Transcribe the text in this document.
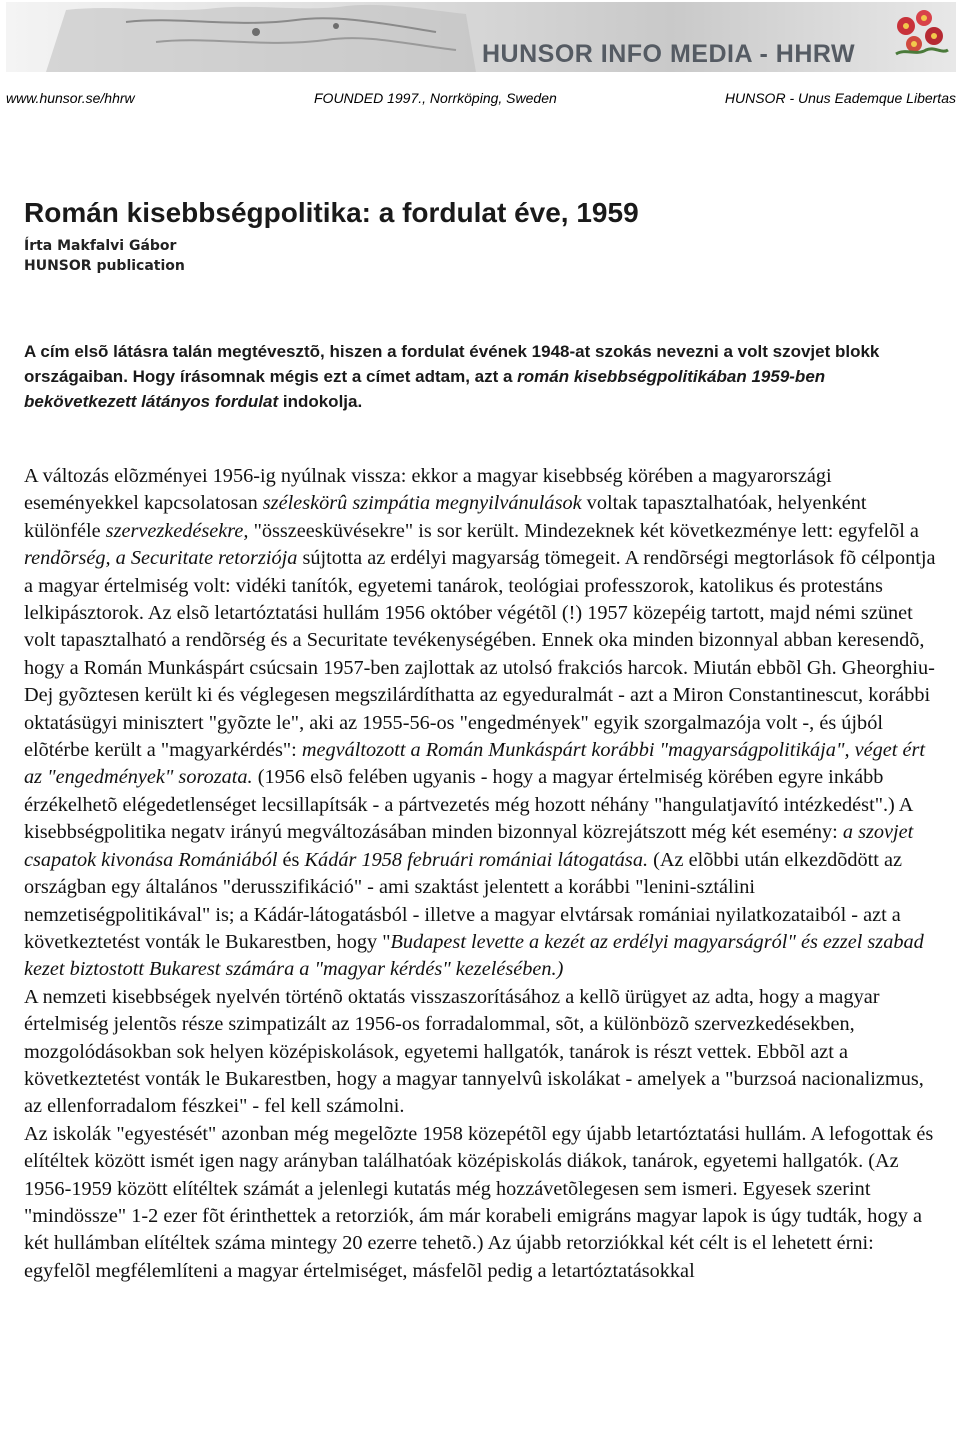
HUNSOR INFO MEDIA - HHRW
www.hunsor.se/hhrw	FOUNDED 1997., Norrköping, Sweden	HUNSOR - Unus Eademque Libertas
Román kisebbségpolitika: a fordulat éve, 1959
Írta Makfalvi Gábor
HUNSOR publication
A cím elsõ látásra talán megtévesztõ, hiszen a fordulat évének 1948-at szokás nevezni a volt szovjet blokk országaiban. Hogy írásomnak mégis ezt a címet adtam, azt a román kisebbségpolitikában 1959-ben bekövetkezett látányos fordulat indokolja.

A változás elõzményei 1956-ig nyúlnak vissza: ekkor a magyar kisebbség körében a magyarországi eseményekkel kapcsolatosan széleskörû szimpátia megnyilvánulások voltak tapasztalhatóak, helyenként különféle szervezkedésekre, "összeesküvésekre" is sor került. Mindezeknek két következménye lett: egyfelõl a rendõrség, a Securitate retorziója sújtotta az erdélyi magyarság tömegeit. A rendõrségi megtorlások fõ célpontja a magyar értelmiség volt: vidéki tanítók, egyetemi tanárok, teológiai professzorok, katolikus és protestáns lelkipásztorok. Az elsõ letartóztatási hullám 1956 október végétõl (!) 1957 közepéig tartott, majd némi szünet volt tapasztalható a rendõrség és a Securitate tevékenységében. Ennek oka minden bizonnyal abban keresendõ, hogy a Román Munkáspárt csúcsain 1957-ben zajlottak az utolsó frakciós harcok. Miután ebbõl Gh. Gheorghiu-Dej gyõztesen került ki és véglegesen megszilárdíthatta az egyeduralmát - azt a Miron Constantinescut, korábbi oktatásügyi minisztert "gyõzte le", aki az 1955-56-os "engedmények" egyik szorgalmazója volt -, és újból elõtérbe került a "magyarkérdés": megváltozott a Román Munkáspárt korábbi "magyarságpolitikája", véget ért az "engedmények" sorozata. (1956 elsõ felében ugyanis - hogy a magyar értelmiség körében egyre inkább érzékelhetõ elégedetlenséget lecsillapítsák - a pártvezetés még hozott néhány "hangulatjavító intézkedést".) A kisebbségpolitika negatv irányú megváltozásában minden bizonnyal közrejátszott még két esemény: a szovjet csapatok kivonása Romániából és Kádár 1958 februári romániai látogatása. (Az elõbbi után elkezdõdött az országban egy általános "derusszifikáció" - ami szaktást jelentett a korábbi "lenini-sztálini nemzetiségpolitikával" is; a Kádár-látogatásból - illetve a magyar elvtársak romániai nyilatkozataiból - azt a következtetést vonták le Bukarestben, hogy "Budapest levette a kezét az erdélyi magyarságról" és ezzel szabad kezet biztostott Bukarest számára a "magyar kérdés" kezelésében.)

A nemzeti kisebbségek nyelvén történõ oktatás visszaszorításához a kellõ ürügyet az adta, hogy a magyar értelmiség jelentõs része szimpatizált az 1956-os forradalommal, sõt, a különbözõ szervezkedésekben, mozgolódásokban sok helyen középiskolások, egyetemi hallgatók, tanárok is részt vettek. Ebbõl azt a következtetést vonták le Bukarestben, hogy a magyar tannyelvû iskolákat - amelyek a "burzsoá nacionalizmus, az ellenforradalom fészkei" - fel kell számolni.

Az iskolák "egyestését" azonban még megelõzte 1958 közepétõl egy újabb letartóztatási hullám. A lefogottak és elítéltek között ismét igen nagy arányban találhatóak középiskolás diákok, tanárok, egyetemi hallgatók. (Az 1956-1959 között elítéltek számát a jelenlegi kutatás még hozzávetõlegesen sem ismeri. Egyesek szerint "mindössze" 1-2 ezer fõt érinthettek a retorziók, ám már korabeli emigráns magyar lapok is úgy tudták, hogy a két hullámban elítéltek száma mintegy 20 ezerre tehetõ.) Az újabb retorziókkal két célt is el lehetett érni: egyfelõl megfélemlíteni a magyar értelmiséget, másfelõl pedig a letartóztatásokkal
